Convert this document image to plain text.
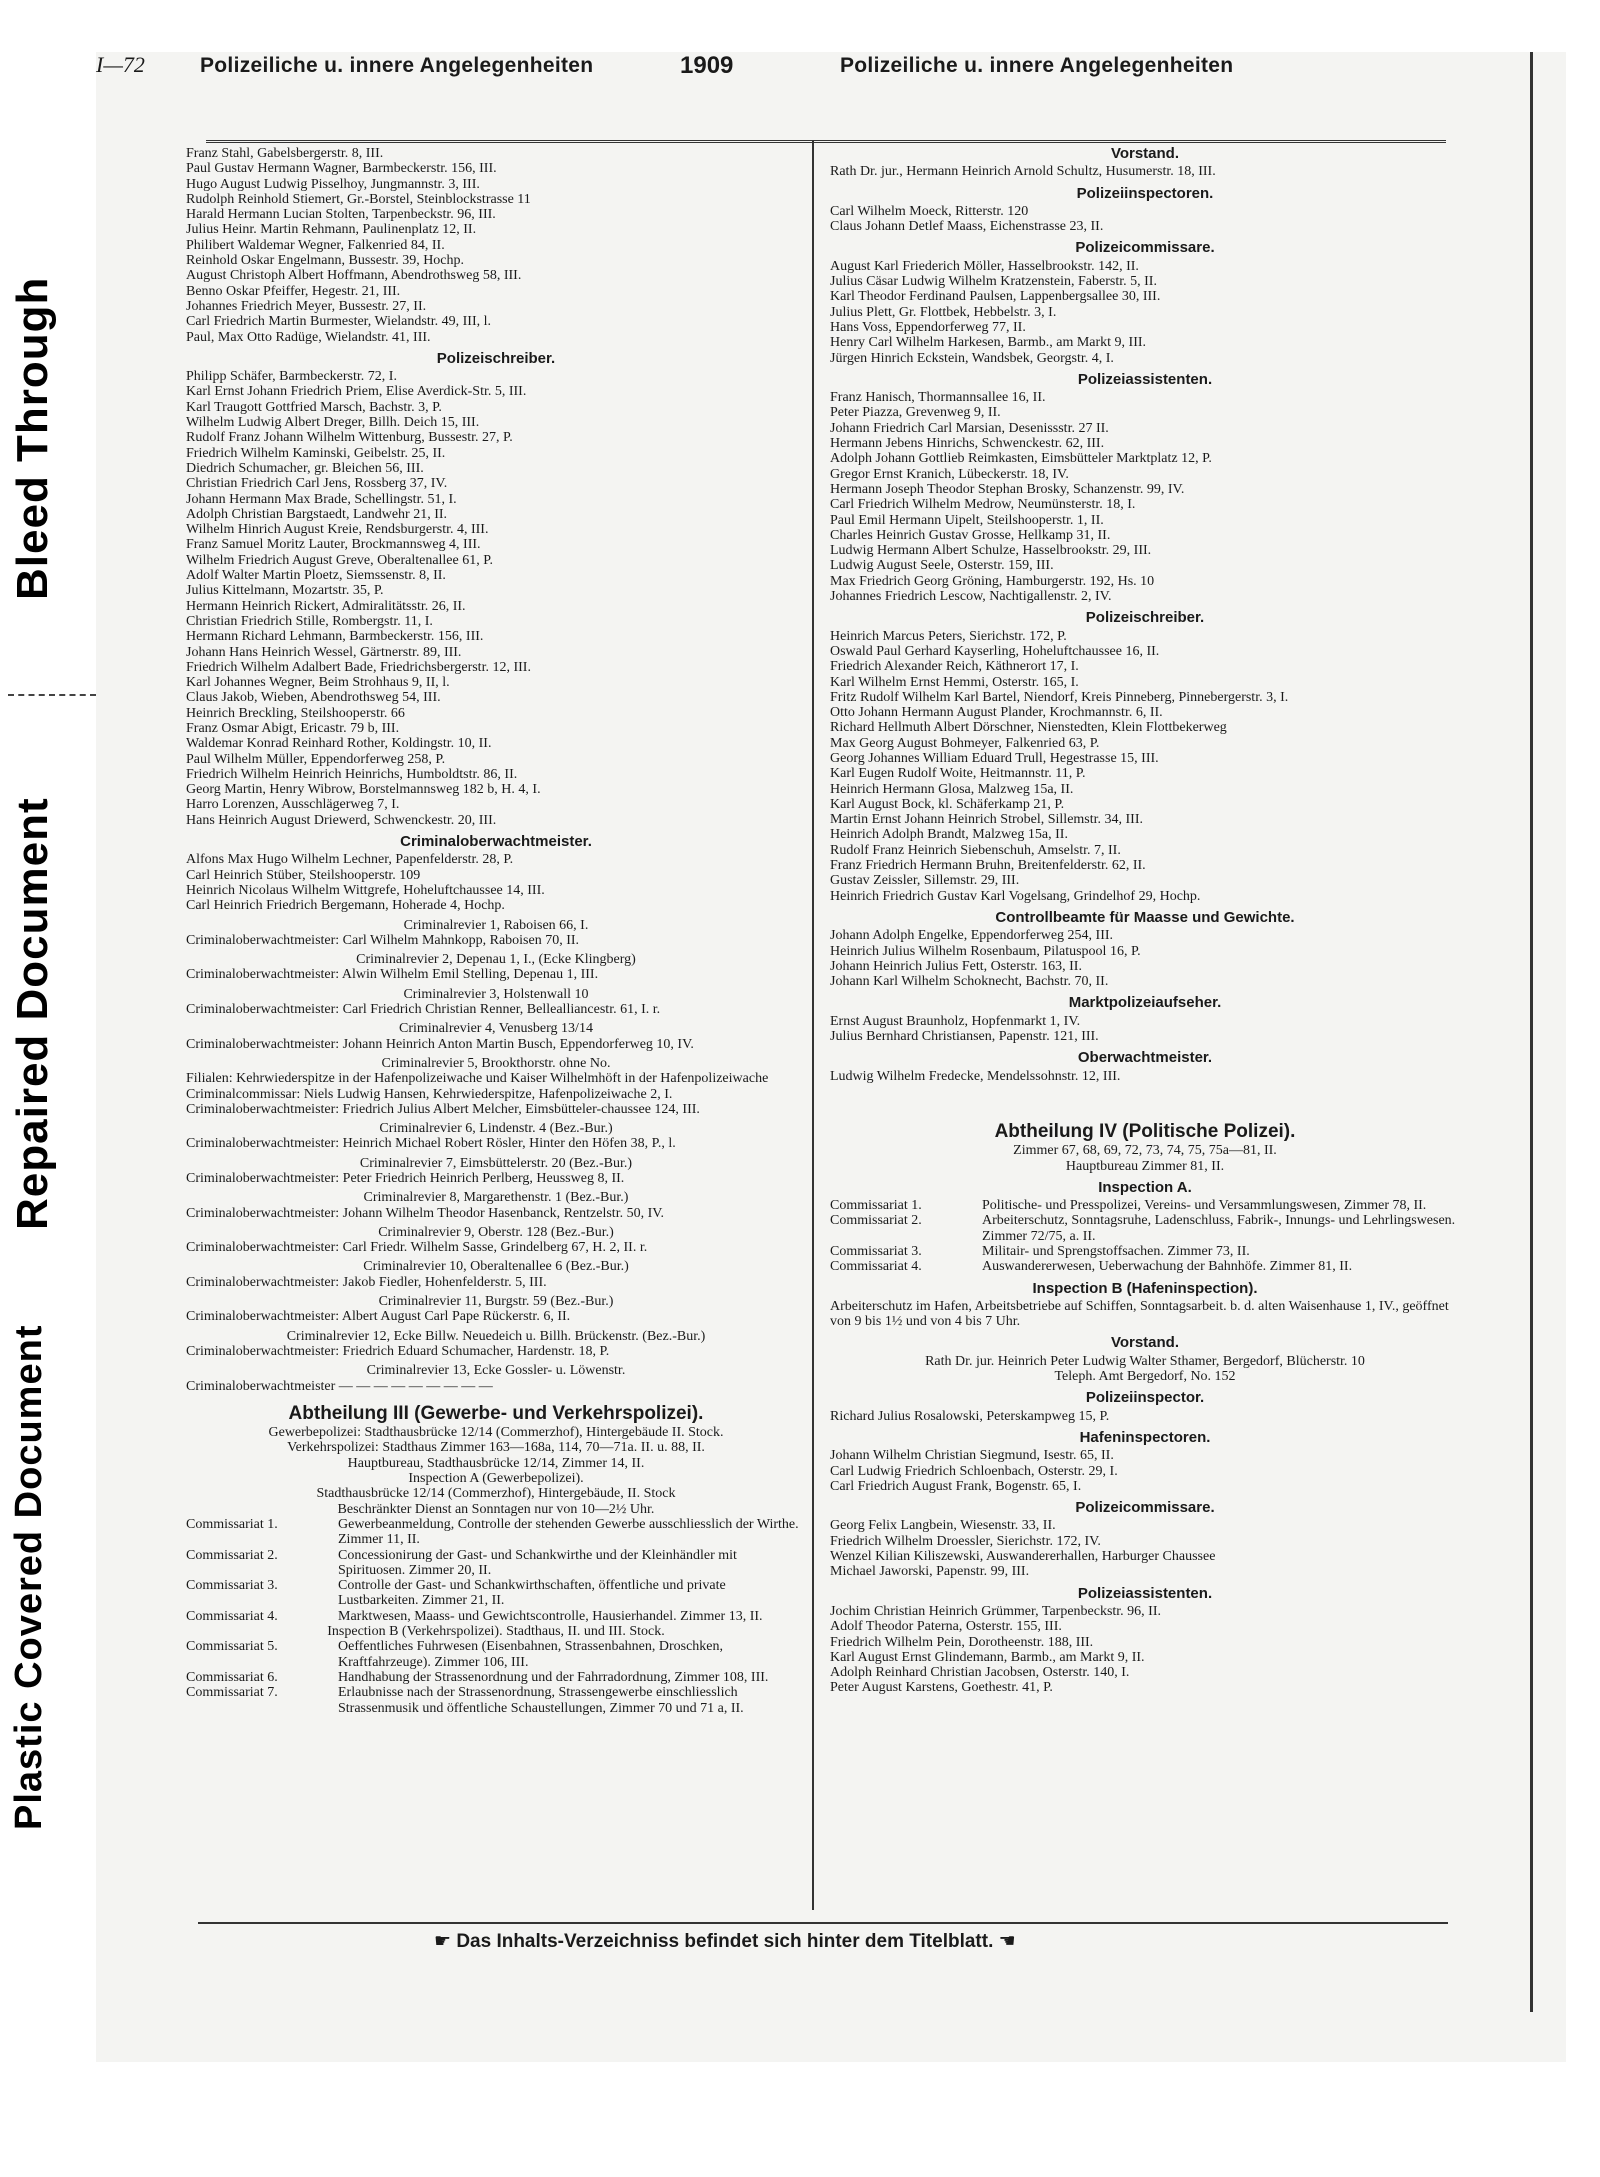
Bleed Through
Repaired Document
Plastic Covered Document
I—72	Polizeiliche u. innere Angelegenheiten	1909	Polizeiliche u. innere Angelegenheiten
Franz Stahl, Gabelsbergerstr. 8, III.
Paul Gustav Hermann Wagner, Barmbeckerstr. 156, III.
Hugo August Ludwig Pisselhoy, Jungmannstr. 3, III.
Rudolph Reinhold Stiemert, Gr.-Borstel, Steinblockstrasse 11
Harald Hermann Lucian Stolten, Tarpenbeckstr. 96, III.
Julius Heinr. Martin Rehmann, Paulinenplatz 12, II.
Philibert Waldemar Wegner, Falkenried 84, II.
Reinhold Oskar Engelmann, Bussestr. 39, Hochp.
August Christoph Albert Hoffmann, Abendrothsweg 58, III.
Benno Oskar Pfeiffer, Hegestr. 21, III.
Johannes Friedrich Meyer, Bussestr. 27, II.
Carl Friedrich Martin Burmester, Wielandstr. 49, III, l.
Paul, Max Otto Radüge, Wielandstr. 41, III.
Polizeischreiber.
Philipp Schäfer, Barmbeckerstr. 72, I.
Karl Ernst Johann Friedrich Priem, Elise Averdick-Str. 5, III.
Karl Traugott Gottfried Marsch, Bachstr. 3, P.
Wilhelm Ludwig Albert Dreger, Billh. Deich 15, III.
Rudolf Franz Johann Wilhelm Wittenburg, Bussestr. 27, P.
Friedrich Wilhelm Kaminski, Geibelstr. 25, II.
Diedrich Schumacher, gr. Bleichen 56, III.
Christian Friedrich Carl Jens, Rossberg 37, IV.
Johann Hermann Max Brade, Schellingstr. 51, I.
Adolph Christian Bargstaedt, Landwehr 21, II.
Wilhelm Hinrich August Kreie, Rendsburgerstr. 4, III.
Franz Samuel Moritz Lauter, Brockmannsweg 4, III.
Wilhelm Friedrich August Greve, Oberaltenallee 61, P.
Adolf Walter Martin Ploetz, Siemssenstr. 8, II.
Julius Kittelmann, Mozartstr. 35, P.
Hermann Heinrich Rickert, Admiralitätsstr. 26, II.
Christian Friedrich Stille, Rombergstr. 11, I.
Hermann Richard Lehmann, Barmbeckerstr. 156, III.
Johann Hans Heinrich Wessel, Gärtnerstr. 89, III.
Friedrich Wilhelm Adalbert Bade, Friedrichsbergerstr. 12, III.
Karl Johannes Wegner, Beim Strohhaus 9, II, l.
Claus Jakob, Wieben, Abendrothsweg 54, III.
Heinrich Breckling, Steilshooperstr. 66
Franz Osmar Abigt, Ericastr. 79 b, III.
Waldemar Konrad Reinhard Rother, Koldingstr. 10, II.
Paul Wilhelm Müller, Eppendorferweg 258, P.
Friedrich Wilhelm Heinrich Heinrichs, Humboldtstr. 86, II.
Georg Martin, Henry Wibrow, Borstelmannsweg 182 b, H. 4, I.
Harro Lorenzen, Ausschlägerweg 7, I.
Hans Heinrich August Driewerd, Schwenckestr. 20, III.
Criminaloberwachtmeister.
Alfons Max Hugo Wilhelm Lechner, Papenfelderstr. 28, P.
Carl Heinrich Stüber, Steilshooperstr. 109
Heinrich Nicolaus Wilhelm Wittgrefe, Hoheluftchaussee 14, III.
Carl Heinrich Friedrich Bergemann, Hoherade 4, Hochp.
Criminalrevier 1, Raboisen 66, I.
Criminaloberwachtmeister: Carl Wilhelm Mahnkopp, Raboisen 70, II.
Criminalrevier 2, Depenau 1, I., (Ecke Klingberg)
Criminaloberwachtmeister: Alwin Wilhelm Emil Stelling, Depenau 1, III.
Criminalrevier 3, Holstenwall 10
Criminaloberwachtmeister: Carl Friedrich Christian Renner, Bellealliancestr. 61, I. r.
Criminalrevier 4, Venusberg 13/14
Criminaloberwachtmeister: Johann Heinrich Anton Martin Busch, Eppendorferweg 10, IV.
Criminalrevier 5, Brookthorstr. ohne No.
Filialen: Kehrwiederspitze in der Hafenpolizeiwache und Kaiser Wilhelmhöft in der Hafenpolizeiwache
Criminalcommissar: Niels Ludwig Hansen, Kehrwiederspitze, Hafenpolizeiwache 2, I.
Criminaloberwachtmeister: Friedrich Julius Albert Melcher, Eimsbütteler-chaussee 124, III.
Criminalrevier 6, Lindenstr. 4 (Bez.-Bur.)
Criminaloberwachtmeister: Heinrich Michael Robert Rösler, Hinter den Höfen 38, P., l.
Criminalrevier 7, Eimsbüttelerstr. 20 (Bez.-Bur.)
Criminaloberwachtmeister: Peter Friedrich Heinrich Perlberg, Heussweg 8, II.
Criminalrevier 8, Margarethenstr. 1 (Bez.-Bur.)
Criminaloberwachtmeister: Johann Wilhelm Theodor Hasenbanck, Rentzelstr. 50, IV.
Criminalrevier 9, Oberstr. 128 (Bez.-Bur.)
Criminaloberwachtmeister: Carl Friedr. Wilhelm Sasse, Grindelberg 67, H. 2, II. r.
Criminalrevier 10, Oberaltenallee 6 (Bez.-Bur.)
Criminaloberwachtmeister: Jakob Fiedler, Hohenfelderstr. 5, III.
Criminalrevier 11, Burgstr. 59 (Bez.-Bur.)
Criminaloberwachtmeister: Albert August Carl Pape Rückerstr. 6, II.
Criminalrevier 12, Ecke Billw. Neuedeich u. Billh. Brückenstr. (Bez.-Bur.)
Criminaloberwachtmeister: Friedrich Eduard Schumacher, Hardenstr. 18, P.
Criminalrevier 13, Ecke Gossler- u. Löwenstr.
Criminaloberwachtmeister — — — — — — — — —
Abtheilung III (Gewerbe- und Verkehrspolizei).
Gewerbepolizei: Stadthausbrücke 12/14 (Commerzhof), Hintergebäude II. Stock.
Verkehrspolizei: Stadthaus Zimmer 163—168a, 114, 70—71a. II. u. 88, II.
Hauptbureau, Stadthausbrücke 12/14, Zimmer 14, II.
Inspection A (Gewerbepolizei).
Stadthausbrücke 12/14 (Commerzhof), Hintergebäude, II. Stock
Beschränkter Dienst an Sonntagen nur von 10—2½ Uhr.
Commissariat 1.	Gewerbeanmeldung, Controlle der stehenden Gewerbe ausschliesslich der Wirthe. Zimmer 11, II.
Commissariat 2.	Concessionirung der Gast- und Schankwirthe und der Kleinhändler mit Spirituosen. Zimmer 20, II.
Commissariat 3.	Controlle der Gast- und Schankwirthschaften, öffentliche und private Lustbarkeiten. Zimmer 21, II.
Commissariat 4.	Marktwesen, Maass- und Gewichtscontrolle, Hausierhandel. Zimmer 13, II.
Inspection B (Verkehrspolizei). Stadthaus, II. und III. Stock.
Commissariat 5.	Oeffentliches Fuhrwesen (Eisenbahnen, Strassenbahnen, Droschken, Kraftfahrzeuge). Zimmer 106, III.
Commissariat 6.	Handhabung der Strassenordnung und der Fahrradordnung, Zimmer 108, III.
Commissariat 7.	Erlaubnisse nach der Strassenordnung, Strassengewerbe einschliesslich Strassenmusik und öffentliche Schaustellungen, Zimmer 70 und 71 a, II.
Vorstand.
Rath Dr. jur., Hermann Heinrich Arnold Schultz, Husumerstr. 18, III.
Polizeiinspectoren.
Carl Wilhelm Moeck, Ritterstr. 120
Claus Johann Detlef Maass, Eichenstrasse 23, II.
Polizeicommissare.
August Karl Friederich Möller, Hasselbrookstr. 142, II.
Julius Cäsar Ludwig Wilhelm Kratzenstein, Faberstr. 5, II.
Karl Theodor Ferdinand Paulsen, Lappenbergsallee 30, III.
Julius Plett, Gr. Flottbek, Hebbelstr. 3, I.
Hans Voss, Eppendorferweg 77, II.
Henry Carl Wilhelm Harkesen, Barmb., am Markt 9, III.
Jürgen Hinrich Eckstein, Wandsbek, Georgstr. 4, I.
Polizeiassistenten.
Franz Hanisch, Thormannsallee 16, II.
Peter Piazza, Grevenweg 9, II.
Johann Friedrich Carl Marsian, Desenissstr. 27 II.
Hermann Jebens Hinrichs, Schwenckestr. 62, III.
Adolph Johann Gottlieb Reimkasten, Eimsbütteler Marktplatz 12, P.
Gregor Ernst Kranich, Lübeckerstr. 18, IV.
Hermann Joseph Theodor Stephan Brosky, Schanzenstr. 99, IV.
Carl Friedrich Wilhelm Medrow, Neumünsterstr. 18, I.
Paul Emil Hermann Uipelt, Steilshooperstr. 1, II.
Charles Heinrich Gustav Grosse, Hellkamp 31, II.
Ludwig Hermann Albert Schulze, Hasselbrookstr. 29, III.
Ludwig August Seele, Osterstr. 159, III.
Max Friedrich Georg Gröning, Hamburgerstr. 192, Hs. 10
Johannes Friedrich Lescow, Nachtigallenstr. 2, IV.
Polizeischreiber.
Heinrich Marcus Peters, Sierichstr. 172, P.
Oswald Paul Gerhard Kayserling, Hoheluftchaussee 16, II.
Friedrich Alexander Reich, Käthnerort 17, I.
Karl Wilhelm Ernst Hemmi, Osterstr. 165, I.
Fritz Rudolf Wilhelm Karl Bartel, Niendorf, Kreis Pinneberg, Pinnebergerstr. 3, I.
Otto Johann Hermann August Plander, Krochmannstr. 6, II.
Richard Hellmuth Albert Dörschner, Nienstedten, Klein Flottbekerweg
Max Georg August Bohmeyer, Falkenried 63, P.
Georg Johannes William Eduard Trull, Hegestrasse 15, III.
Karl Eugen Rudolf Woite, Heitmannstr. 11, P.
Heinrich Hermann Glosa, Malzweg 15a, II.
Karl August Bock, kl. Schäferkamp 21, P.
Martin Ernst Johann Heinrich Strobel, Sillemstr. 34, III.
Heinrich Adolph Brandt, Malzweg 15a, II.
Rudolf Franz Heinrich Siebenschuh, Amselstr. 7, II.
Franz Friedrich Hermann Bruhn, Breitenfelderstr. 62, II.
Gustav Zeissler, Sillemstr. 29, III.
Heinrich Friedrich Gustav Karl Vogelsang, Grindelhof 29, Hochp.
Controllbeamte für Maasse und Gewichte.
Johann Adolph Engelke, Eppendorferweg 254, III.
Heinrich Julius Wilhelm Rosenbaum, Pilatuspool 16, P.
Johann Heinrich Julius Fett, Osterstr. 163, II.
Johann Karl Wilhelm Schoknecht, Bachstr. 70, II.
Marktpolizeiaufseher.
Ernst August Braunholz, Hopfenmarkt 1, IV.
Julius Bernhard Christiansen, Papenstr. 121, III.
Oberwachtmeister.
Ludwig Wilhelm Fredecke, Mendelssohnstr. 12, III.
Abtheilung IV (Politische Polizei).
Zimmer 67, 68, 69, 72, 73, 74, 75, 75a—81, II.
Hauptbureau Zimmer 81, II.
Inspection A.
Commissariat 1.	Politische- und Presspolizei, Vereins- und Versammlungswesen, Zimmer 78, II.
Commissariat 2.	Arbeiterschutz, Sonntagsruhe, Ladenschluss, Fabrik-, Innungs- und Lehrlingswesen. Zimmer 72/75, a. II.
Commissariat 3.	Militair- und Sprengstoffsachen. Zimmer 73, II.
Commissariat 4.	Auswandererwesen, Ueberwachung der Bahnhöfe. Zimmer 81, II.
Inspection B (Hafeninspection).
Arbeiterschutz im Hafen, Arbeitsbetriebe auf Schiffen, Sonntagsarbeit. b. d. alten Waisenhause 1, IV., geöffnet von 9 bis 1½ und von 4 bis 7 Uhr.
Vorstand.
Rath Dr. jur. Heinrich Peter Ludwig Walter Sthamer, Bergedorf, Blücherstr. 10
Teleph. Amt Bergedorf, No. 152
Polizeiinspector.
Richard Julius Rosalowski, Peterskampweg 15, P.
Hafeninspectoren.
Johann Wilhelm Christian Siegmund, Isestr. 65, II.
Carl Ludwig Friedrich Schloenbach, Osterstr. 29, I.
Carl Friedrich August Frank, Bogenstr. 65, I.
Polizeicommissare.
Georg Felix Langbein, Wiesenstr. 33, II.
Friedrich Wilhelm Droessler, Sierichstr. 172, IV.
Wenzel Kilian Kiliszewski, Auswandererhallen, Harburger Chaussee
Michael Jaworski, Papenstr. 99, III.
Polizeiassistenten.
Jochim Christian Heinrich Grümmer, Tarpenbeckstr. 96, II.
Adolf Theodor Paterna, Osterstr. 155, III.
Friedrich Wilhelm Pein, Dorotheenstr. 188, III.
Karl August Ernst Glindemann, Barmb., am Markt 9, II.
Adolph Reinhard Christian Jacobsen, Osterstr. 140, I.
Peter August Karstens, Goethestr. 41, P.
☛ Das Inhalts-Verzeichniss befindet sich hinter dem Titelblatt. ☚
